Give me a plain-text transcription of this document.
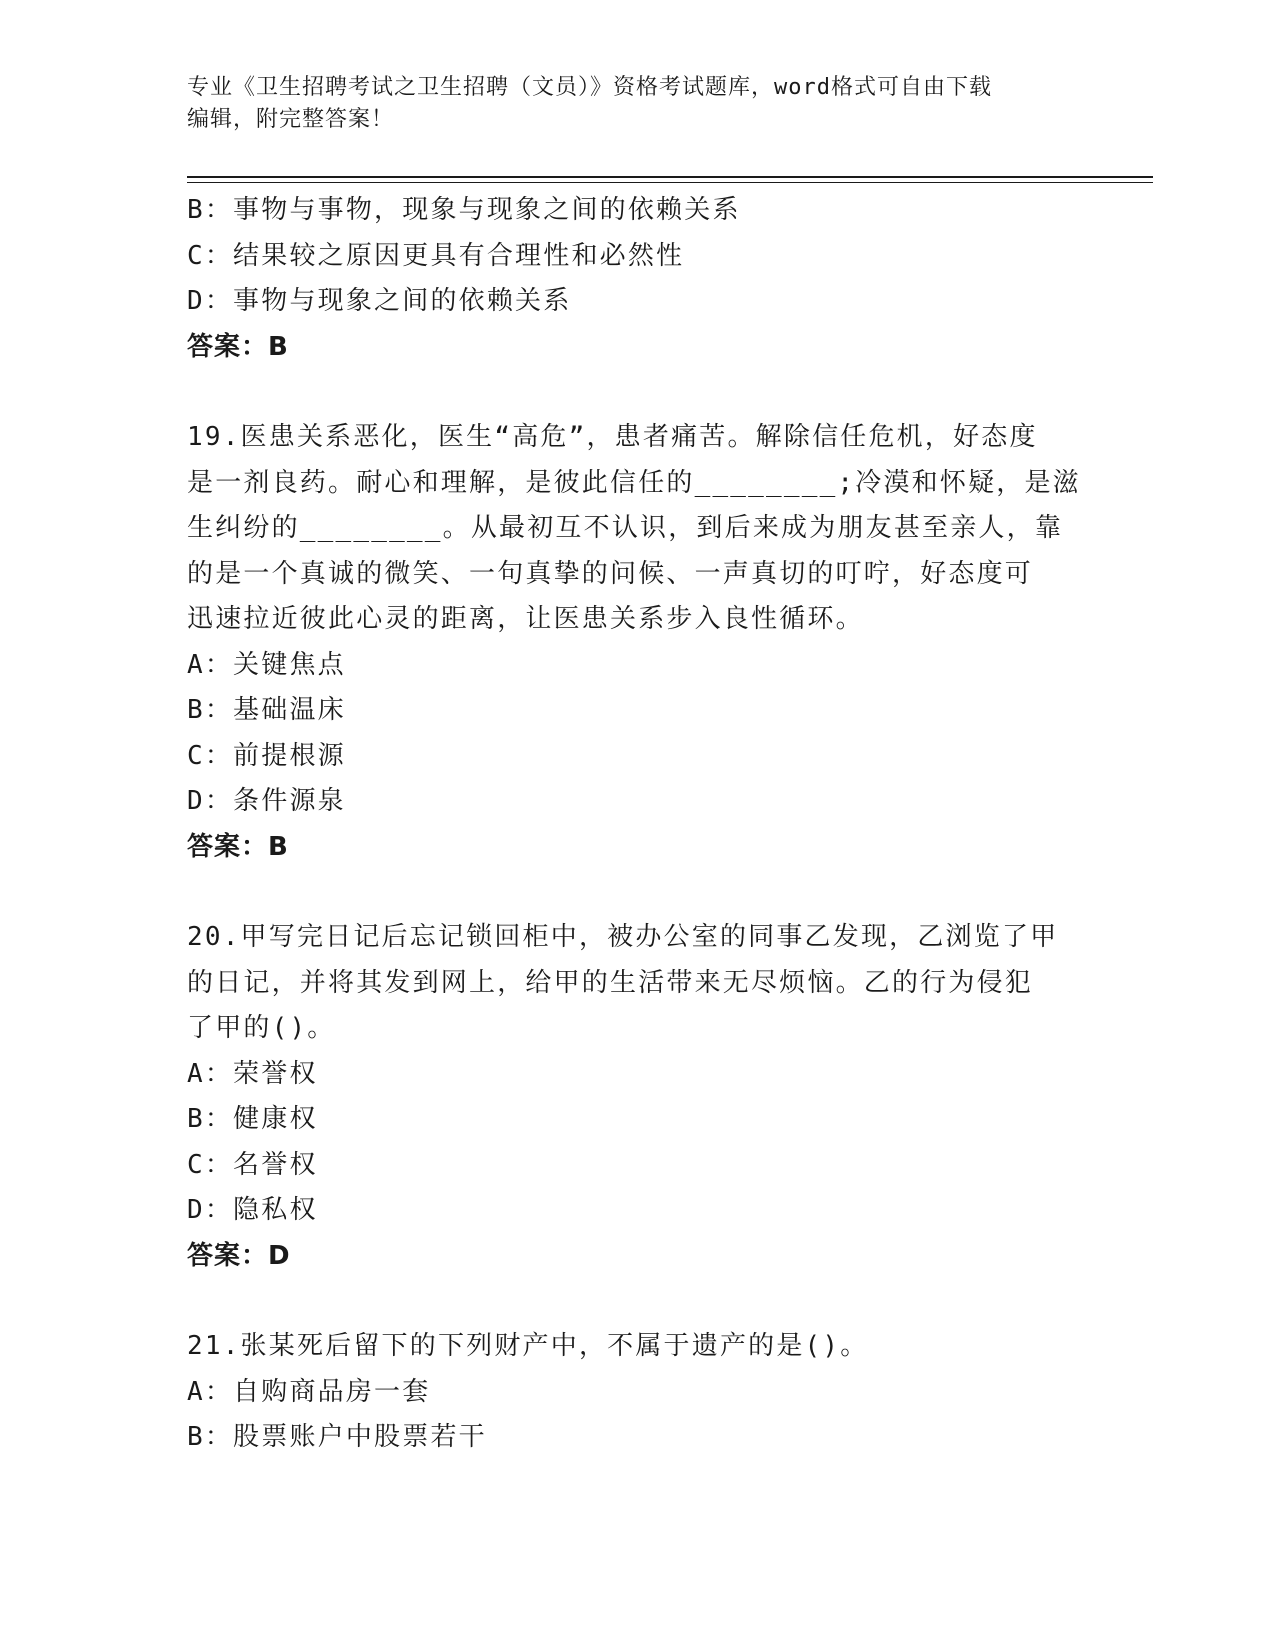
专业《卫生招聘考试之卫生招聘（文员）》资格考试题库，word格式可自由下载
编辑，附完整答案！
B：事物与事物，现象与现象之间的依赖关系
C：结果较之原因更具有合理性和必然性
D：事物与现象之间的依赖关系
答案：B
19.医患关系恶化，医生“高危”，患者痛苦。解除信任危机，好态度
是一剂良药。耐心和理解，是彼此信任的________;冷漠和怀疑，是滋
生纠纷的________。从最初互不认识，到后来成为朋友甚至亲人，靠
的是一个真诚的微笑、一句真挚的问候、一声真切的叮咛，好态度可
迅速拉近彼此心灵的距离，让医患关系步入良性循环。
A：关键焦点
B：基础温床
C：前提根源
D：条件源泉
答案：B
20.甲写完日记后忘记锁回柜中，被办公室的同事乙发现，乙浏览了甲
的日记，并将其发到网上，给甲的生活带来无尽烦恼。乙的行为侵犯
了甲的()。
A：荣誉权
B：健康权
C：名誉权
D：隐私权
答案：D
21.张某死后留下的下列财产中，不属于遗产的是()。
A：自购商品房一套
B：股票账户中股票若干
